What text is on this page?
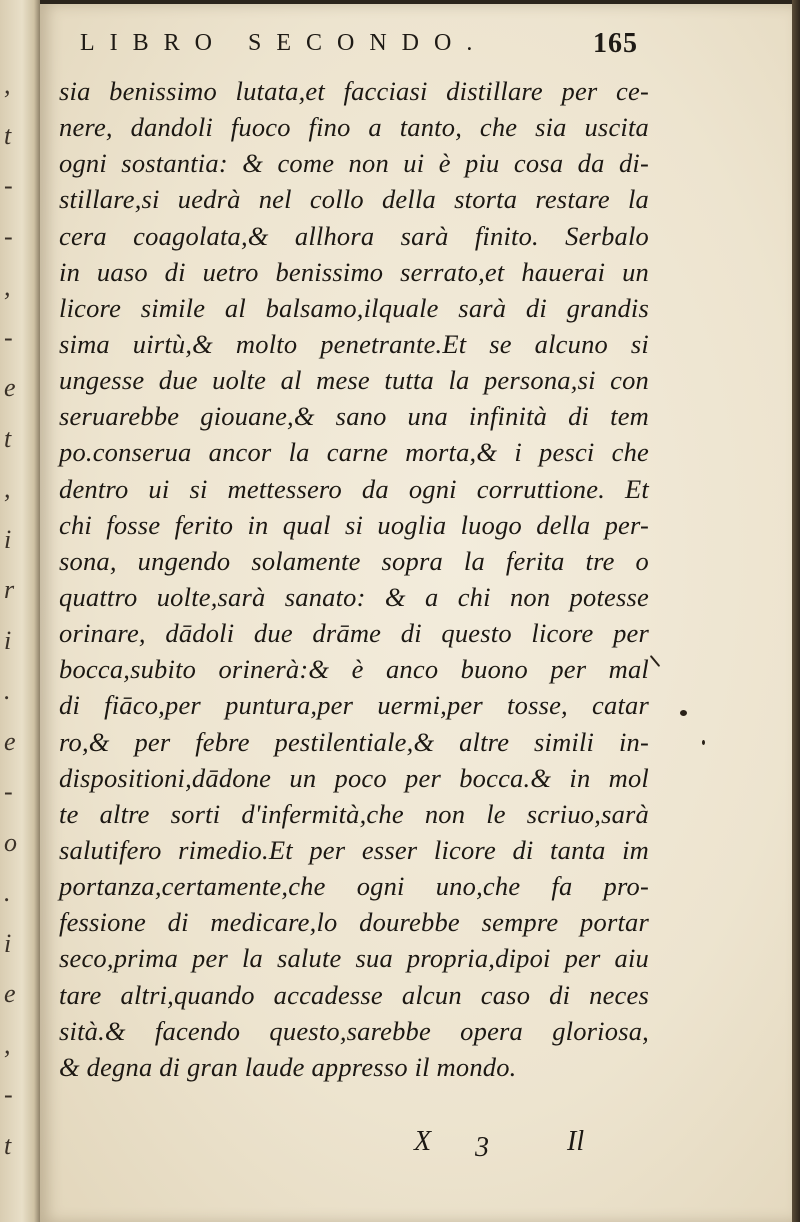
,
t
-
-
,
-
e
t
,
i
r
i
.
e
-
o
.
i
e
,
-
t
LIBRO SECONDO.	165
sia benissimo lutata,et facciasi distillare per ce-
nere, dandoli fuoco fino a tanto, che sia uscita
ogni sostantia: & come non ui è piu cosa da di-
stillare,si uedrà nel collo della storta restare la
cera coagolata,& allhora sarà finito. Serbalo
in uaso di uetro benissimo serrato,et hauerai un
licore simile al balsamo,ilquale sarà di grandis
sima uirtù,& molto penetrante.Et se alcuno si
ungesse due uolte al mese tutta la persona,si con
seruarebbe giouane,& sano una infinità di tem
po.conserua ancor la carne morta,& i pesci che
dentro ui si mettessero da ogni corruttione. Et
chi fosse ferito in qual si uoglia luogo della per-
sona, ungendo solamente sopra la ferita tre o
quattro uolte,sarà sanato: & a chi non potesse
orinare, dādoli due drāme di questo licore per
bocca,subito orinerà:& è anco buono per mal
di fiāco,per puntura,per uermi,per tosse, catar
ro,& per febre pestilentiale,& altre simili in-
dispositioni,dādone un poco per bocca.& in mol
te altre sorti d'infermità,che non le scriuo,sarà
salutifero rimedio.Et per esser licore di tanta im
portanza,certamente,che ogni uno,che fa pro-
fessione di medicare,lo dourebbe sempre portar
seco,prima per la salute sua propria,dipoi per aiu
tare altri,quando accadesse alcun caso di neces
sità.& facendo questo,sarebbe opera gloriosa,
& degna di gran laude appresso il mondo.
X 3	Il
